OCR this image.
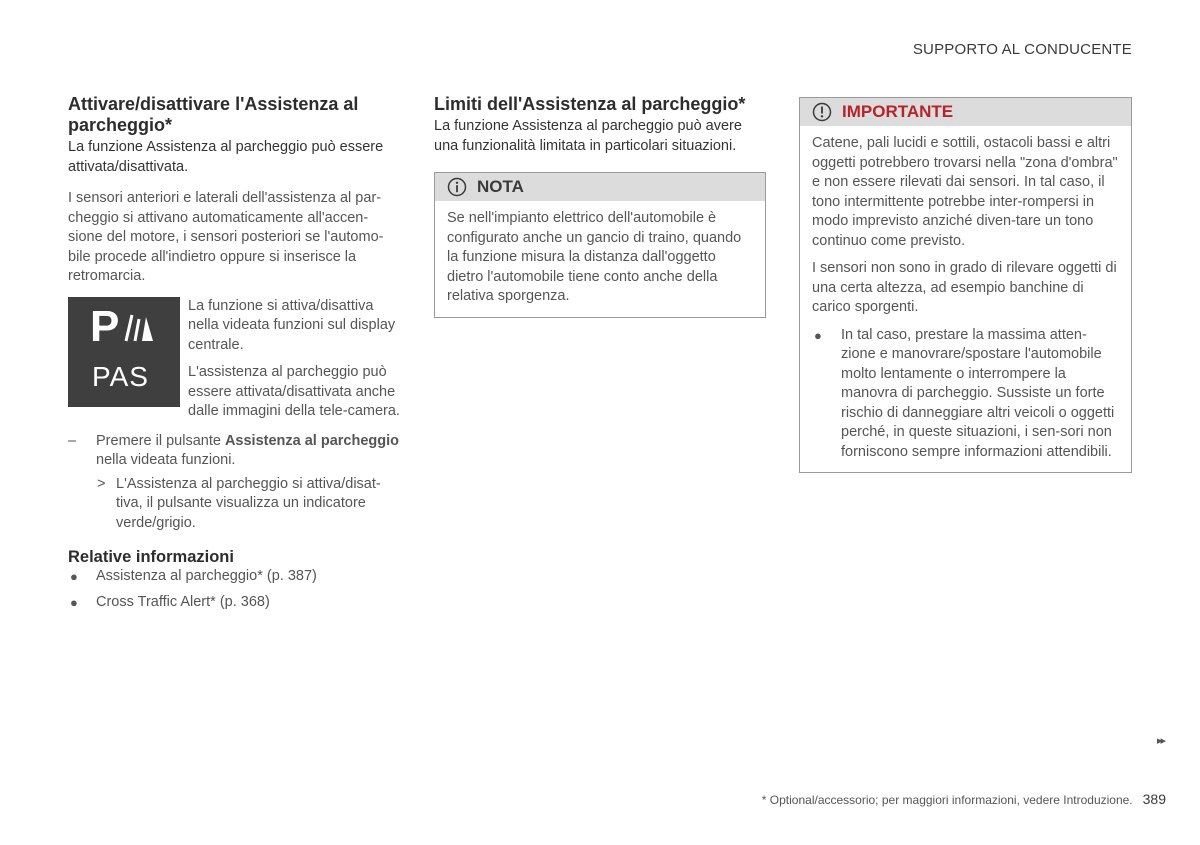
SUPPORTO AL CONDUCENTE
Attivare/disattivare l'Assistenza al parcheggio*

La funzione Assistenza al parcheggio può essere attivata/disattivata.

I sensori anteriori e laterali dell'assistenza al par-cheggio si attivano automaticamente all'accen-sione del motore, i sensori posteriori se l'automo-bile procede all'indietro oppure si inserisce la retromarcia.

P
PAS

La funzione si attiva/disattiva nella videata funzioni sul display centrale.

L'assistenza al parcheggio può essere attivata/disattivata anche dalle immagini della tele-camera.

– Premere il pulsante Assistenza al parcheggio nella videata funzioni.
> L'Assistenza al parcheggio si attiva/disat-tiva, il pulsante visualizza un indicatore verde/grigio.
Relative informazioni
● Assistenza al parcheggio* (p. 387)
● Cross Traffic Alert* (p. 368)
Limiti dell'Assistenza al parcheggio*

La funzione Assistenza al parcheggio può avere una funzionalità limitata in particolari situazioni.

NOTA

Se nell'impianto elettrico dell'automobile è configurato anche un gancio di traino, quando la funzione misura la distanza dall'oggetto dietro l'automobile tiene conto anche della relativa sporgenza.

IMPORTANTE

Catene, pali lucidi e sottili, ostacoli bassi e altri oggetti potrebbero trovarsi nella "zona d'ombra" e non essere rilevati dai sensori. In tal caso, il tono intermittente potrebbe inter-rompersi in modo imprevisto anziché diven-tare un tono continuo come previsto.

I sensori non sono in grado di rilevare oggetti di una certa altezza, ad esempio banchine di carico sporgenti.

● In tal caso, prestare la massima atten-zione e manovrare/spostare l'automobile molto lentamente o interrompere la manovra di parcheggio. Sussiste un forte rischio di danneggiare altri veicoli o oggetti perché, in queste situazioni, i sen-sori non forniscono sempre informazioni attendibili.
▸▸
* Optional/accessorio; per maggiori informazioni, vedere Introduzione. 389
